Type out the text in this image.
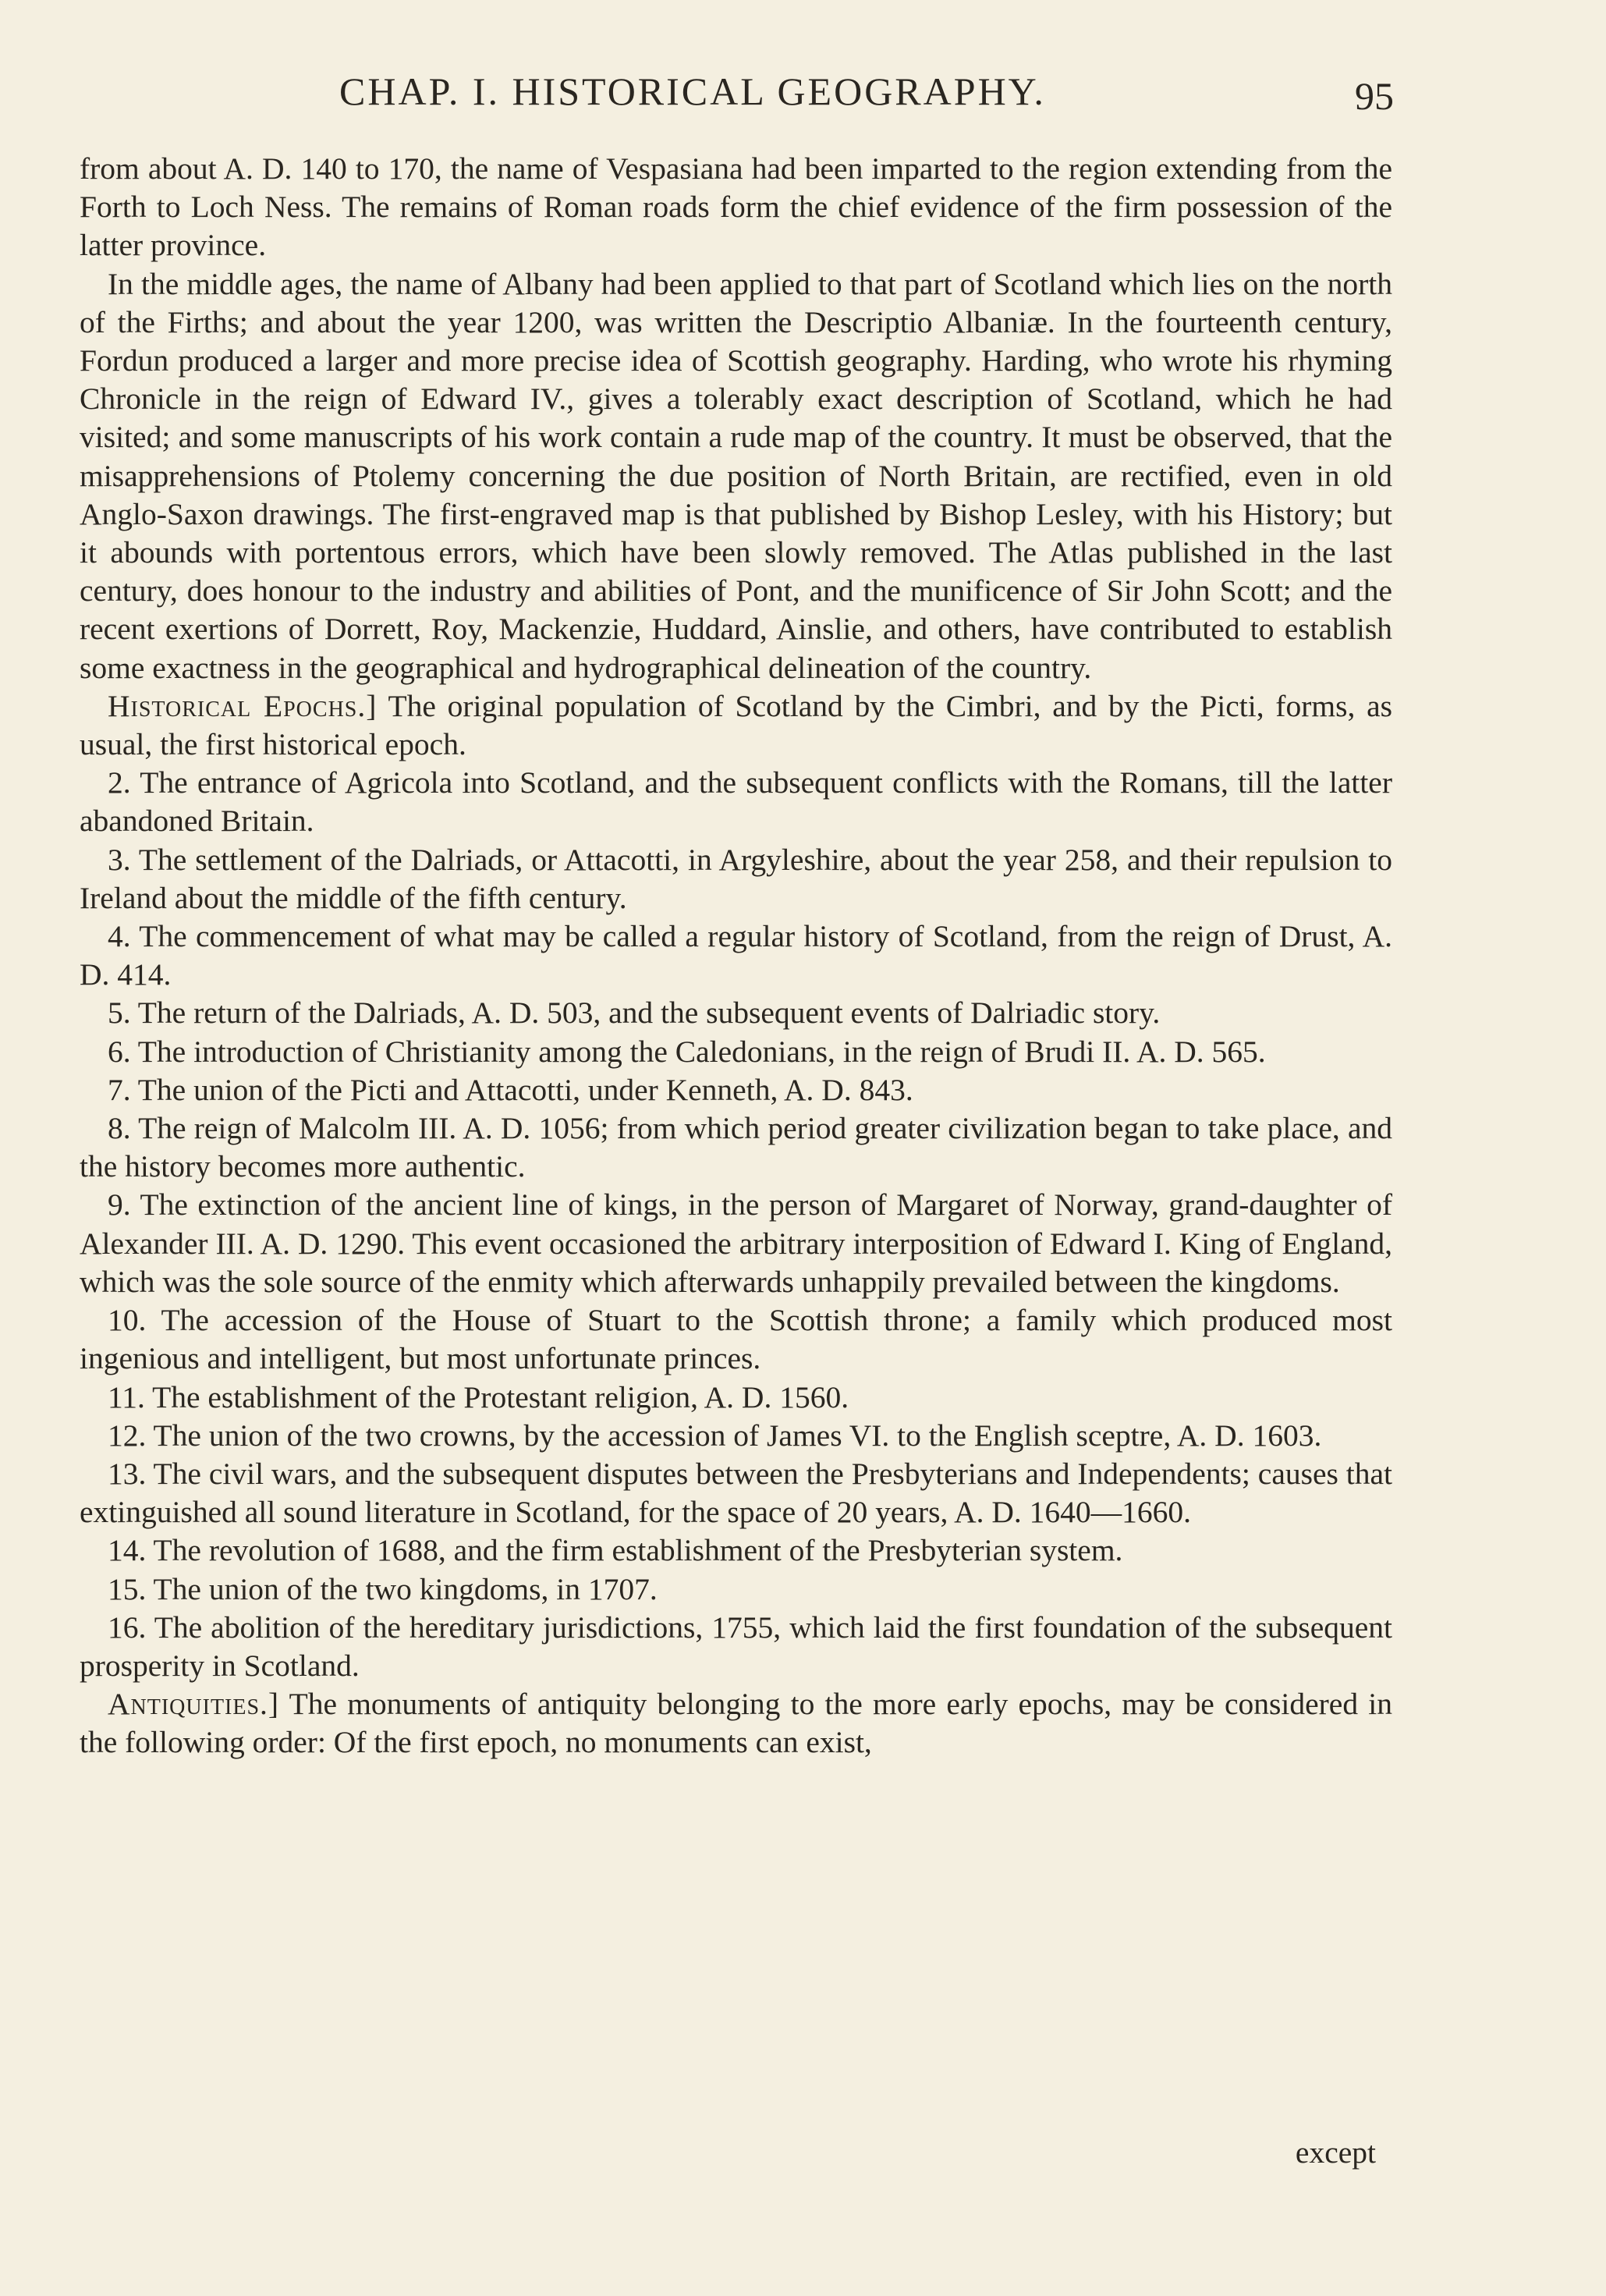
CHAP. I. HISTORICAL GEOGRAPHY.	95

from about A. D. 140 to 170, the name of Vespasiana had been imparted to the region extending from the Forth to Loch Ness. The remains of Roman roads form the chief evidence of the firm possession of the latter province.

In the middle ages, the name of Albany had been applied to that part of Scotland which lies on the north of the Firths; and about the year 1200, was written the Descriptio Albaniæ. In the fourteenth century, Fordun produced a larger and more precise idea of Scottish geography. Harding, who wrote his rhyming Chronicle in the reign of Edward IV., gives a tolerably exact description of Scotland, which he had visited; and some manuscripts of his work contain a rude map of the country. It must be observed, that the misapprehensions of Ptolemy concerning the due position of North Britain, are rectified, even in old Anglo-Saxon drawings. The first-engraved map is that published by Bishop Lesley, with his History; but it abounds with portentous errors, which have been slowly removed. The Atlas published in the last century, does honour to the industry and abilities of Pont, and the munificence of Sir John Scott; and the recent exertions of Dorrett, Roy, Mackenzie, Huddard, Ainslie, and others, have contributed to establish some exactness in the geographical and hydrographical delineation of the country.

Historical Epochs.] The original population of Scotland by the Cimbri, and by the Picti, forms, as usual, the first historical epoch.

2. The entrance of Agricola into Scotland, and the subsequent conflicts with the Romans, till the latter abandoned Britain.

3. The settlement of the Dalriads, or Attacotti, in Argyleshire, about the year 258, and their repulsion to Ireland about the middle of the fifth century.

4. The commencement of what may be called a regular history of Scotland, from the reign of Drust, A. D. 414.

5. The return of the Dalriads, A. D. 503, and the subsequent events of Dalriadic story.

6. The introduction of Christianity among the Caledonians, in the reign of Brudi II. A. D. 565.

7. The union of the Picti and Attacotti, under Kenneth, A. D. 843.

8. The reign of Malcolm III. A. D. 1056; from which period greater civilization began to take place, and the history becomes more authentic.

9. The extinction of the ancient line of kings, in the person of Margaret of Norway, grand-daughter of Alexander III. A. D. 1290. This event occasioned the arbitrary interposition of Edward I. King of England, which was the sole source of the enmity which afterwards unhappily prevailed between the kingdoms.

10. The accession of the House of Stuart to the Scottish throne; a family which produced most ingenious and intelligent, but most unfortunate princes.

11. The establishment of the Protestant religion, A. D. 1560.

12. The union of the two crowns, by the accession of James VI. to the English sceptre, A. D. 1603.

13. The civil wars, and the subsequent disputes between the Presbyterians and Independents; causes that extinguished all sound literature in Scotland, for the space of 20 years, A. D. 1640—1660.

14. The revolution of 1688, and the firm establishment of the Presbyterian system.

15. The union of the two kingdoms, in 1707.

16. The abolition of the hereditary jurisdictions, 1755, which laid the first foundation of the subsequent prosperity in Scotland.

Antiquities.] The monuments of antiquity belonging to the more early epochs, may be considered in the following order: Of the first epoch, no monuments can exist,

except
